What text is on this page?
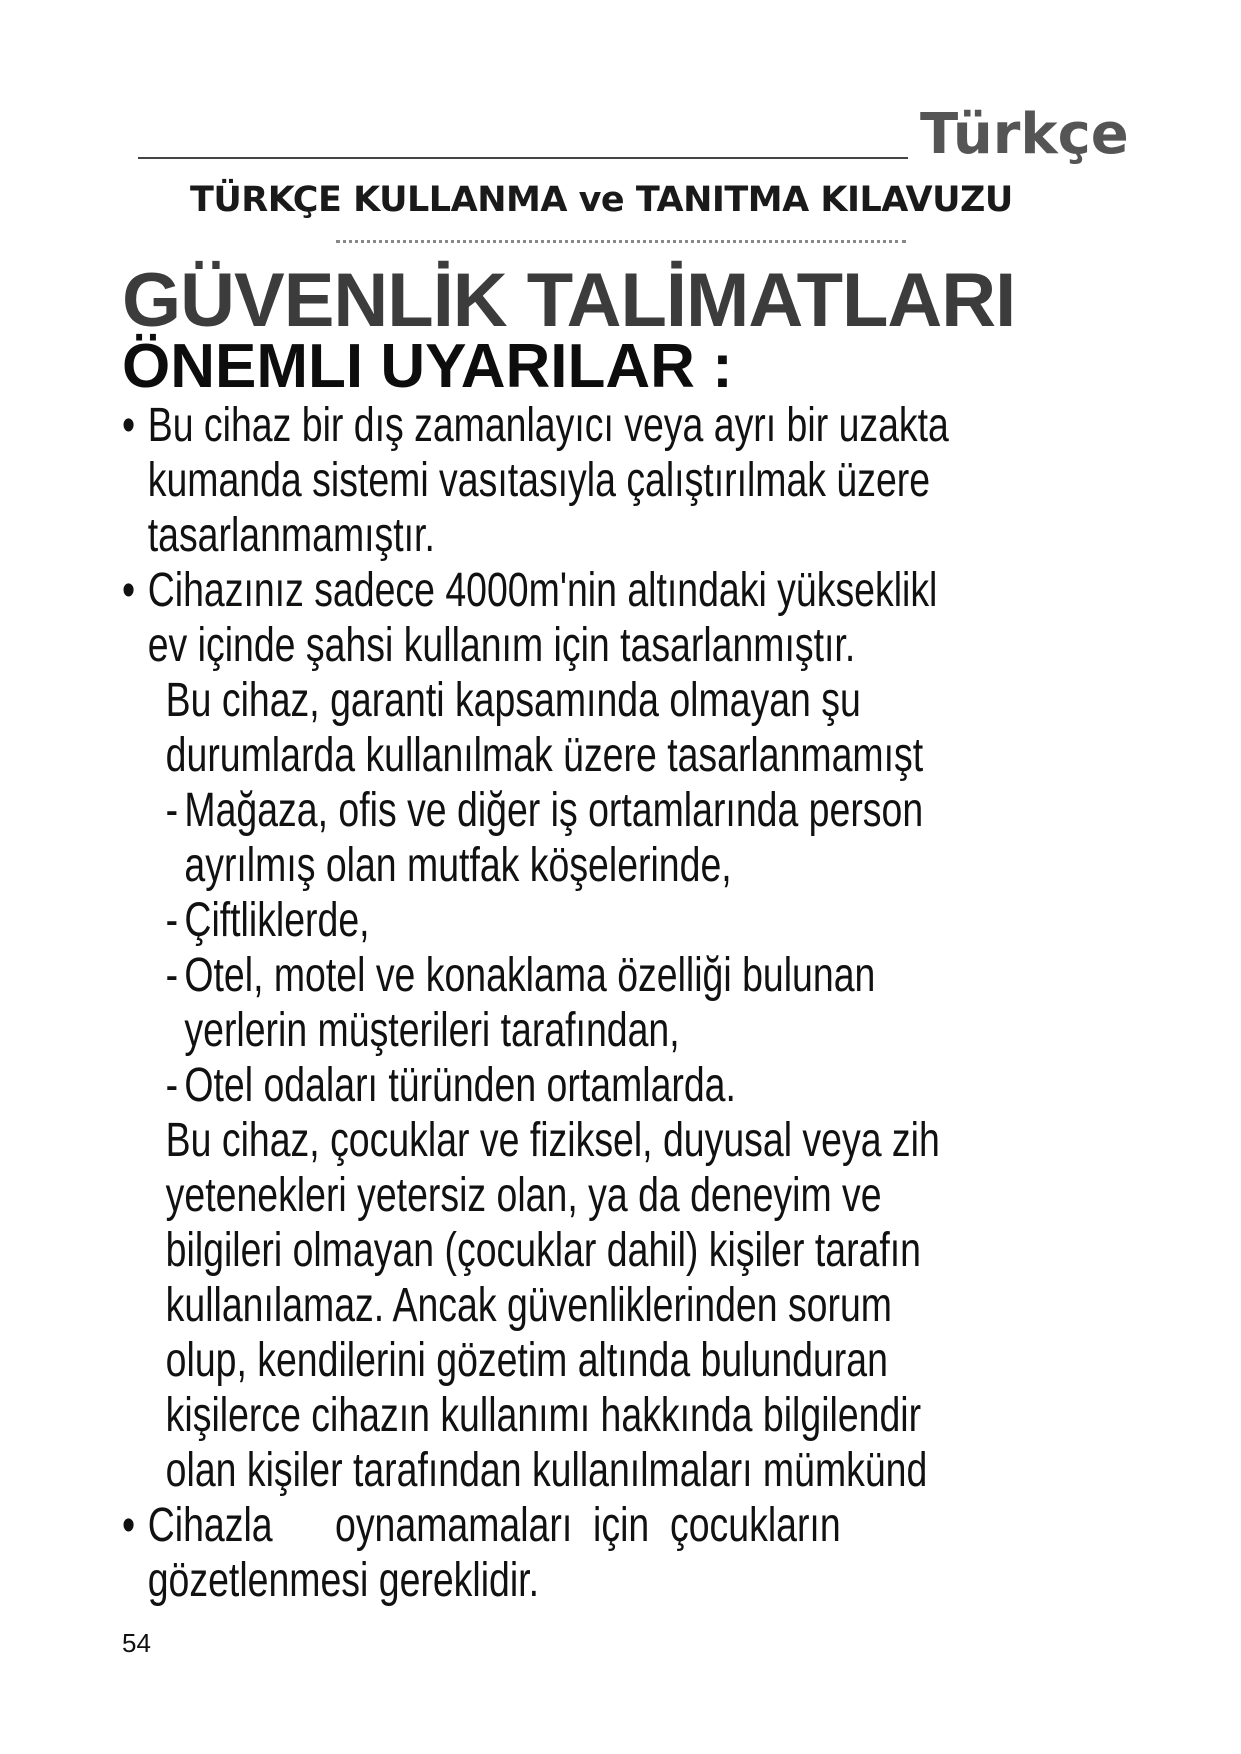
Türkçe
TÜRKÇE KULLANMA ve TANITMA KILAVUZU
GÜVENLİK TALİMATLARI
ÖNEMLI UYARILAR :
• Bu cihaz bir dış zamanlayıcı veya ayrı bir uzakta
kumanda sistemi vasıtasıyla çalıştırılmak üzere
tasarlanmamıştır.
• Cihazınız sadece 4000m'nin altındaki yükseklikl
ev içinde şahsi kullanım için tasarlanmıştır.
Bu cihaz, garanti kapsamında olmayan şu
durumlarda kullanılmak üzere tasarlanmamışt
- Mağaza, ofis ve diğer iş ortamlarında person
ayrılmış olan mutfak köşelerinde,
- Çiftliklerde,
- Otel, motel ve konaklama özelliği bulunan
yerlerin müşterileri tarafından,
- Otel odaları türünden ortamlarda.
Bu cihaz, çocuklar ve fiziksel, duyusal veya zih
yetenekleri yetersiz olan, ya da deneyim ve
bilgileri olmayan (çocuklar dahil) kişiler tarafın
kullanılamaz. Ancak güvenliklerinden sorum
olup, kendilerini gözetim altında bulunduran
kişilerce cihazın kullanımı hakkında bilgilendir
olan kişiler tarafından kullanılmaları mümkünd
• Cihazla      oynamamaları  için  çocukların
gözetlenmesi gereklidir.
54
